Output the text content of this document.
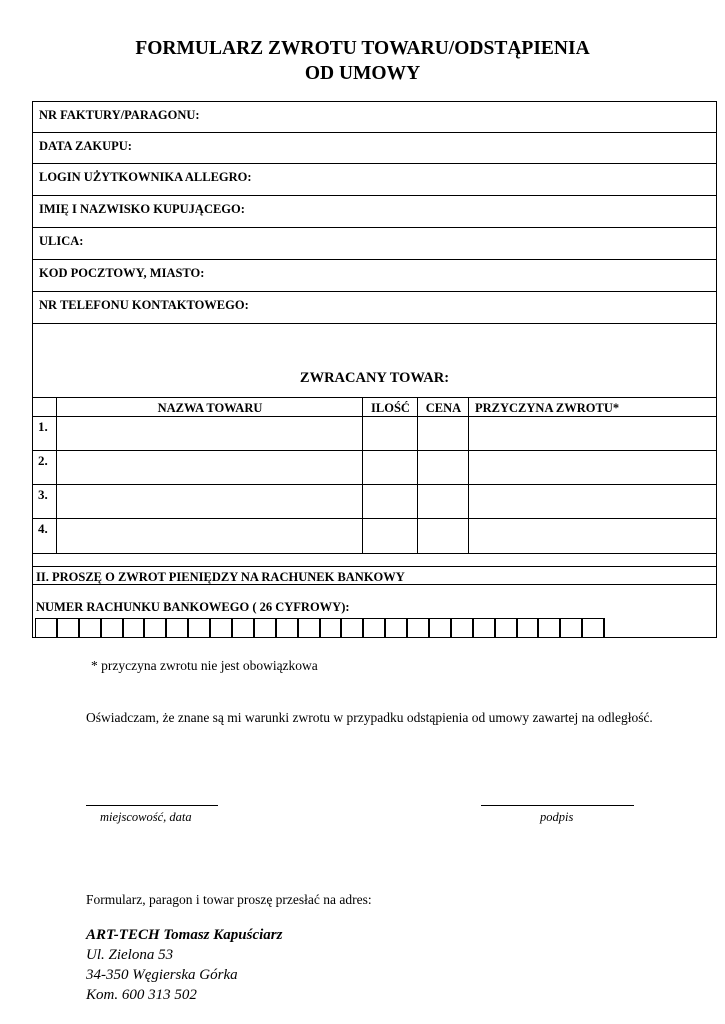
FORMULARZ ZWROTU TOWARU/ODSTĄPIENIA
OD UMOWY
NR FAKTURY/PARAGONU:
DATA ZAKUPU:
LOGIN UŻYTKOWNIKA ALLEGRO:
IMIĘ I NAZWISKO KUPUJĄCEGO:
ULICA:
KOD POCZTOWY, MIASTO:
NR TELEFONU KONTAKTOWEGO:
ZWRACANY TOWAR:
NAZWA TOWARU	ILOŚĆ	CENA	PRZYCZYNA ZWROTU*
1.
2.
3.
4.
II. PROSZĘ O ZWROT PIENIĘDZY NA RACHUNEK BANKOWY
NUMER RACHUNKU BANKOWEGO ( 26 CYFROWY):
* przyczyna zwrotu nie jest obowiązkowa
Oświadczam, że znane są mi warunki zwrotu w przypadku odstąpienia od umowy zawartej na odległość.
miejscowość, data	podpis
Formularz, paragon i towar proszę przesłać na adres:
ART-TECH Tomasz Kapuściarz
Ul. Zielona 53
34-350 Węgierska Górka
Kom. 600 313 502
